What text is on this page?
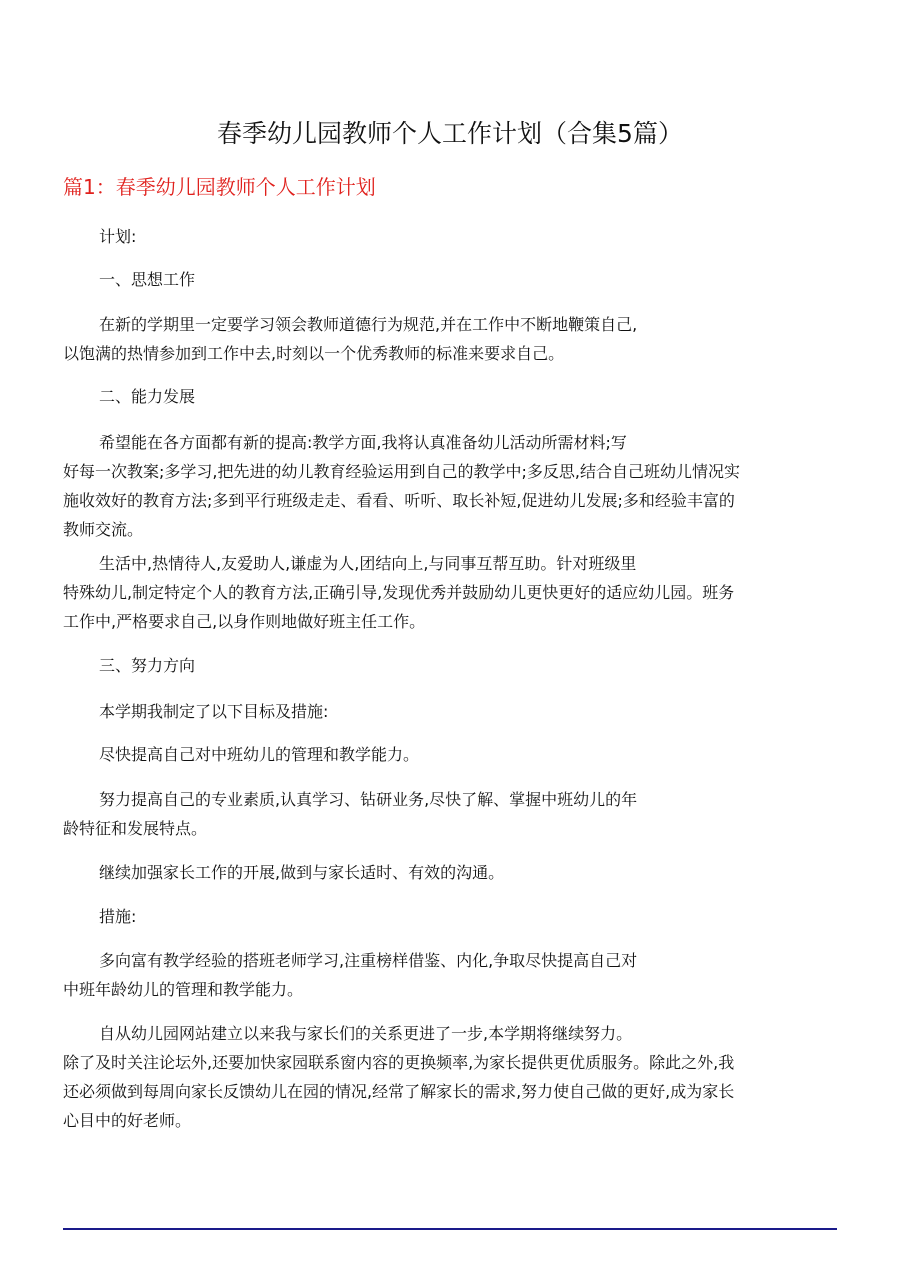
春季幼儿园教师个人工作计划（合集5篇）
篇1：春季幼儿园教师个人工作计划
计划:
一、思想工作
在新的学期里一定要学习领会教师道德行为规范,并在工作中不断地鞭策自己,
以饱满的热情参加到工作中去,时刻以一个优秀教师的标准来要求自己。
二、能力发展
希望能在各方面都有新的提高:教学方面,我将认真准备幼儿活动所需材料;写
好每一次教案;多学习,把先进的幼儿教育经验运用到自己的教学中;多反思,结合自己班幼儿情况实
施收效好的教育方法;多到平行班级走走、看看、听听、取长补短,促进幼儿发展;多和经验丰富的
教师交流。
生活中,热情待人,友爱助人,谦虚为人,团结向上,与同事互帮互助。针对班级里
特殊幼儿,制定特定个人的教育方法,正确引导,发现优秀并鼓励幼儿更快更好的适应幼儿园。班务
工作中,严格要求自己,以身作则地做好班主任工作。
三、努力方向
本学期我制定了以下目标及措施:
尽快提高自己对中班幼儿的管理和教学能力。
努力提高自己的专业素质,认真学习、钻研业务,尽快了解、掌握中班幼儿的年
龄特征和发展特点。
继续加强家长工作的开展,做到与家长适时、有效的沟通。
措施:
多向富有教学经验的搭班老师学习,注重榜样借鉴、内化,争取尽快提高自己对
中班年龄幼儿的管理和教学能力。
自从幼儿园网站建立以来我与家长们的关系更进了一步,本学期将继续努力。
除了及时关注论坛外,还要加快家园联系窗内容的更换频率,为家长提供更优质服务。除此之外,我
还必须做到每周向家长反馈幼儿在园的情况,经常了解家长的需求,努力使自己做的更好,成为家长
心目中的好老师。
